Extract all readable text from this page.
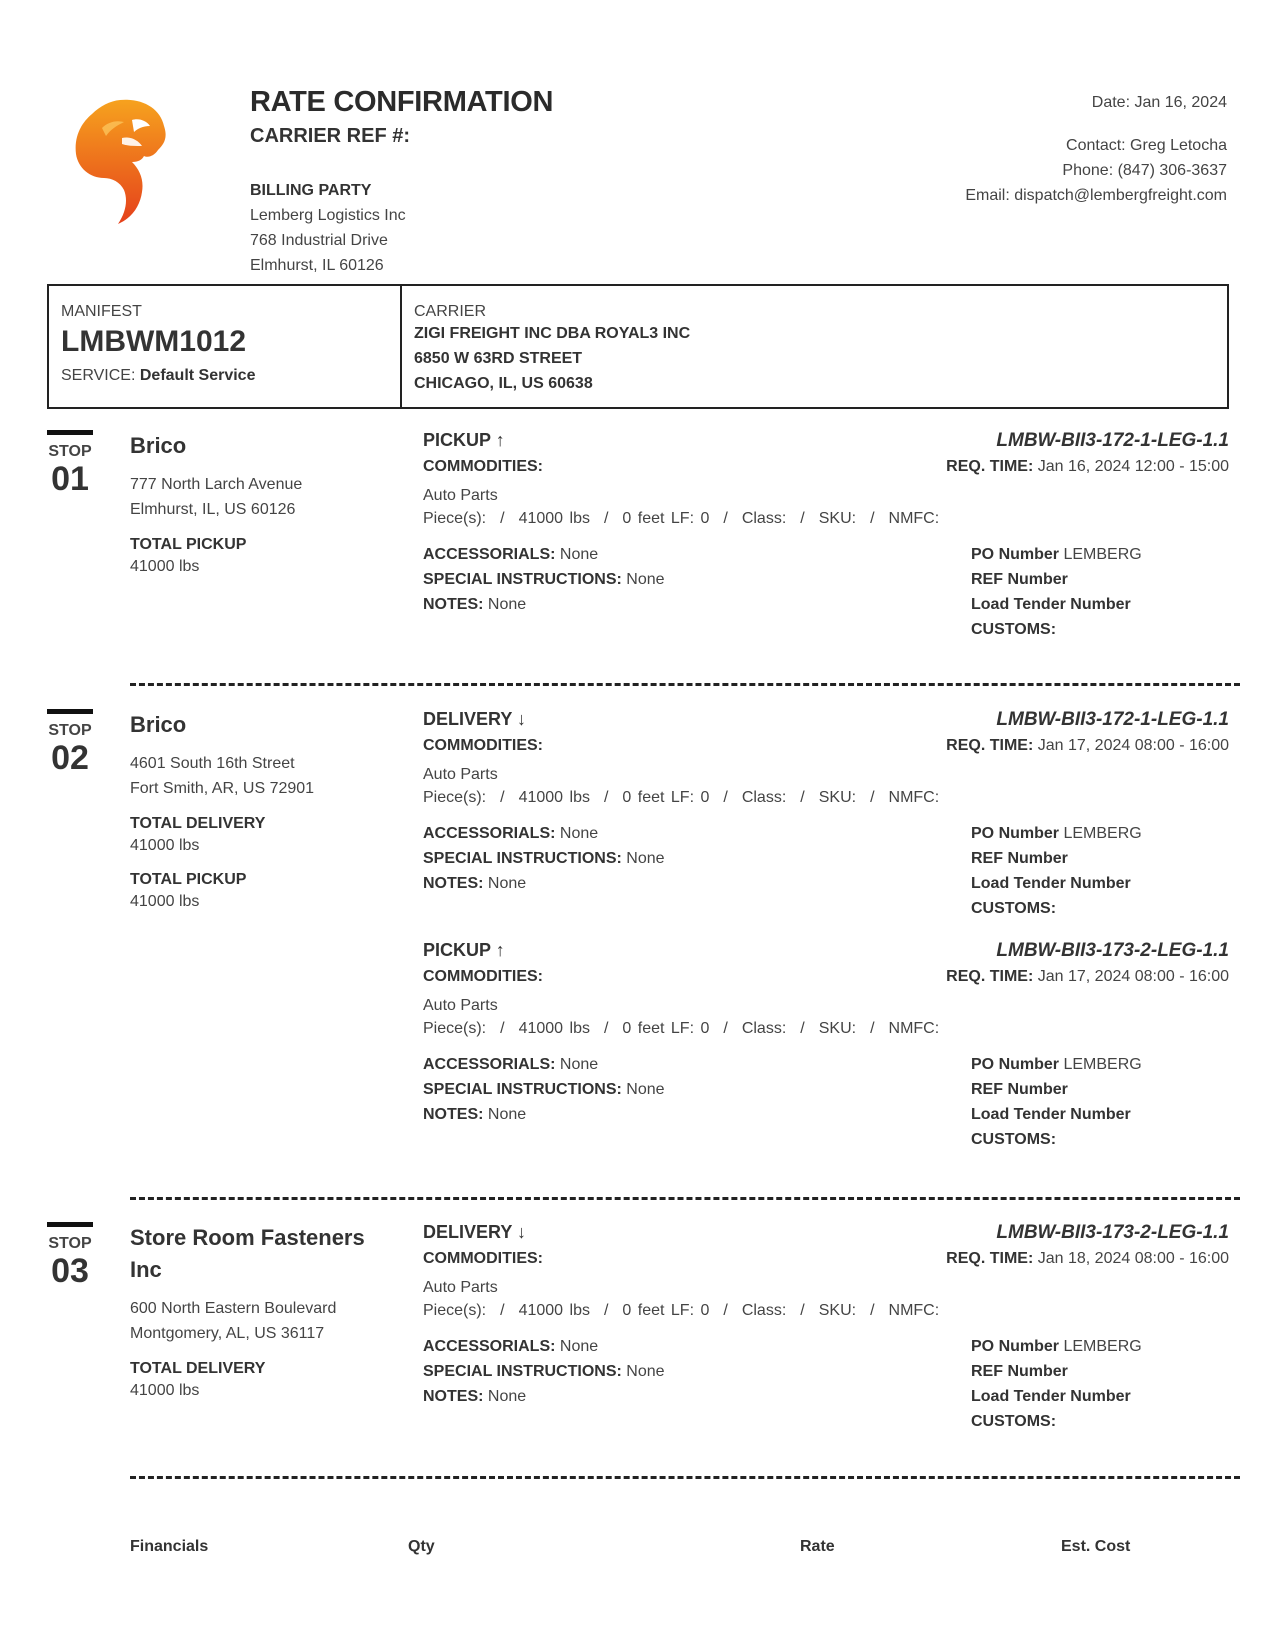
RATE CONFIRMATION
CARRIER REF #:
BILLING PARTY
Lemberg Logistics Inc
768 Industrial Drive
Elmhurst, IL 60126
Date: Jan 16, 2024
Contact: Greg Letocha
Phone: (847) 306-3637
Email: dispatch@lembergfreight.com
MANIFEST
LMBWM1012
SERVICE: Default Service
CARRIER
ZIGI FREIGHT INC DBA ROYAL3 INC
6850 W 63RD STREET
CHICAGO, IL, US 60638
STOP
01
Brico
777 North Larch Avenue
Elmhurst, IL, US 60126
TOTAL PICKUP
41000 lbs
PICKUP ↑	LMBW-BII3-172-1-LEG-1.1
COMMODITIES:	REQ. TIME: Jan 16, 2024 12:00 - 15:00
Auto Parts
Piece(s): / 41000 lbs / 0 feet LF: 0 / Class: / SKU: / NMFC:
ACCESSORIALS: None
SPECIAL INSTRUCTIONS: None
NOTES: None
PO Number LEMBERG
REF Number
Load Tender Number
CUSTOMS:
STOP
02
Brico
4601 South 16th Street
Fort Smith, AR, US 72901
TOTAL DELIVERY
41000 lbs
TOTAL PICKUP
41000 lbs
DELIVERY ↓	LMBW-BII3-172-1-LEG-1.1
COMMODITIES:	REQ. TIME: Jan 17, 2024 08:00 - 16:00
Auto Parts
Piece(s): / 41000 lbs / 0 feet LF: 0 / Class: / SKU: / NMFC:
ACCESSORIALS: None
SPECIAL INSTRUCTIONS: None
NOTES: None
PO Number LEMBERG
REF Number
Load Tender Number
CUSTOMS:
PICKUP ↑	LMBW-BII3-173-2-LEG-1.1
COMMODITIES:	REQ. TIME: Jan 17, 2024 08:00 - 16:00
Auto Parts
Piece(s): / 41000 lbs / 0 feet LF: 0 / Class: / SKU: / NMFC:
ACCESSORIALS: None
SPECIAL INSTRUCTIONS: None
NOTES: None
PO Number LEMBERG
REF Number
Load Tender Number
CUSTOMS:
STOP
03
Store Room Fasteners
Inc
600 North Eastern Boulevard
Montgomery, AL, US 36117
TOTAL DELIVERY
41000 lbs
DELIVERY ↓	LMBW-BII3-173-2-LEG-1.1
COMMODITIES:	REQ. TIME: Jan 18, 2024 08:00 - 16:00
Auto Parts
Piece(s): / 41000 lbs / 0 feet LF: 0 / Class: / SKU: / NMFC:
ACCESSORIALS: None
SPECIAL INSTRUCTIONS: None
NOTES: None
PO Number LEMBERG
REF Number
Load Tender Number
CUSTOMS:
Financials	Qty	Rate	Est. Cost
